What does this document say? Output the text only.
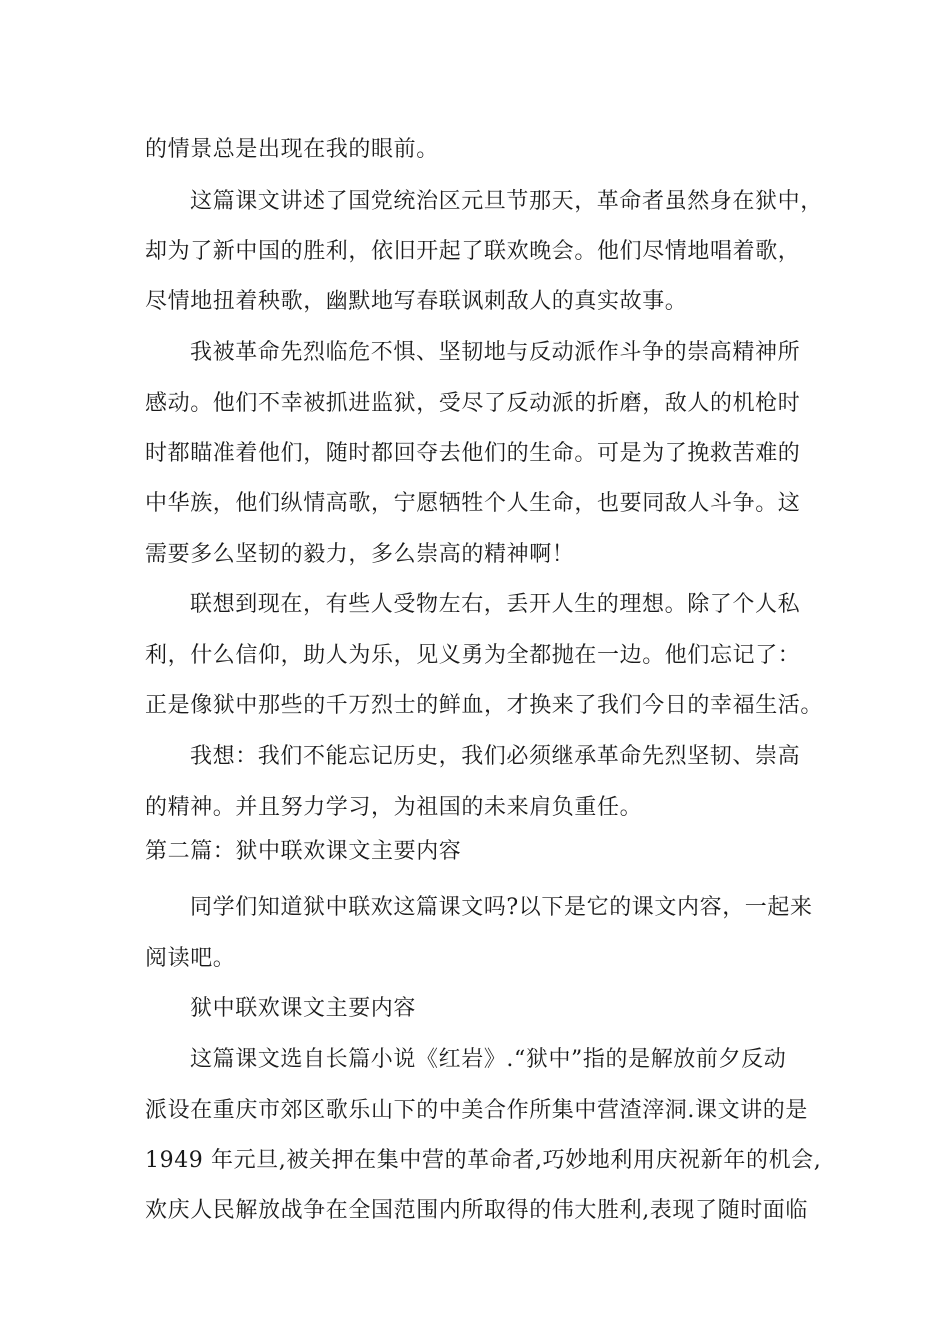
的情景总是出现在我的眼前。
这篇课文讲述了国党统治区元旦节那天，革命者虽然身在狱中，
却为了新中国的胜利，依旧开起了联欢晚会。他们尽情地唱着歌，
尽情地扭着秧歌，幽默地写春联讽刺敌人的真实故事。
我被革命先烈临危不惧、坚韧地与反动派作斗争的崇高精神所
感动。他们不幸被抓进监狱，受尽了反动派的折磨，敌人的机枪时
时都瞄准着他们，随时都回夺去他们的生命。可是为了挽救苦难的
中华族，他们纵情高歌，宁愿牺牲个人生命，也要同敌人斗争。这
需要多么坚韧的毅力，多么崇高的精神啊！
联想到现在，有些人受物左右，丢开人生的理想。除了个人私
利，什么信仰，助人为乐，见义勇为全都抛在一边。他们忘记了：
正是像狱中那些的千万烈士的鲜血，才换来了我们今日的幸福生活。
我想：我们不能忘记历史，我们必须继承革命先烈坚韧、崇高
的精神。并且努力学习，为祖国的未来肩负重任。
第二篇：狱中联欢课文主要内容
同学们知道狱中联欢这篇课文吗?以下是它的课文内容，一起来
阅读吧。
狱中联欢课文主要内容
这篇课文选自长篇小说《红岩》.“狱中”指的是解放前夕反动
派设在重庆市郊区歌乐山下的中美合作所集中营渣滓洞.课文讲的是
1949 年元旦,被关押在集中营的革命者,巧妙地利用庆祝新年的机会,
欢庆人民解放战争在全国范围内所取得的伟大胜利,表现了随时面临
